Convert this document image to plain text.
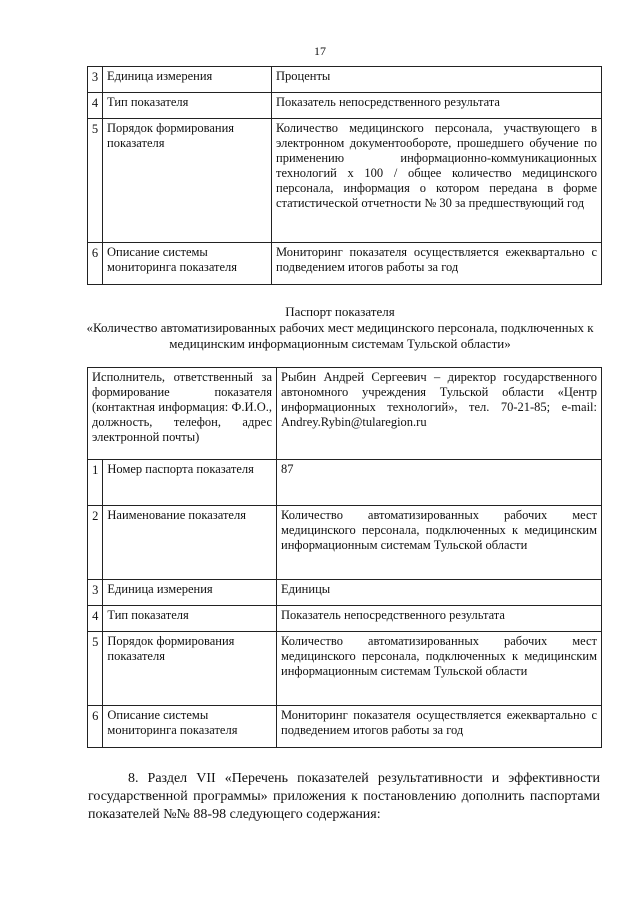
17
3	Единица измерения	Проценты
4	Тип показателя	Показатель непосредственного результата
5	Порядок формирования показателя	Количество медицинского персонала, участвующего в электронном документообороте, прошедшего обучение по применению информационно-коммуникационных технологий х 100 / общее количество медицинского персонала, информация о котором передана в форме статистической отчетности № 30 за предшествующий год
6	Описание системы мониторинга показателя	Мониторинг показателя осуществляется ежеквартально с подведением итогов работы за год
Паспорт показателя
«Количество автоматизированных рабочих мест медицинского персонала, подключенных к медицинским информационным системам Тульской области»
Исполнитель, ответственный за формирование показателя (контактная информация: Ф.И.О., должность, телефон, адрес электронной почты)		Рыбин Андрей Сергеевич – директор государственного автономного учреждения Тульской области «Центр информационных технологий», тел. 70-21-85; e-mail: Andrey.Rybin@tularegion.ru
1	Номер паспорта показателя	87
2	Наименование показателя	Количество автоматизированных рабочих мест медицинского персонала, подключенных к медицинским информационным системам Тульской области
3	Единица измерения	Единицы
4	Тип показателя	Показатель непосредственного результата
5	Порядок формирования показателя	Количество автоматизированных рабочих мест медицинского персонала, подключенных к медицинским информационным системам Тульской области
6	Описание системы мониторинга показателя	Мониторинг показателя осуществляется ежеквартально с подведением итогов работы за год
8. Раздел VII «Перечень показателей результативности и эффективности государственной программы» приложения к постановлению дополнить паспортами показателей №№ 88-98 следующего содержания:
